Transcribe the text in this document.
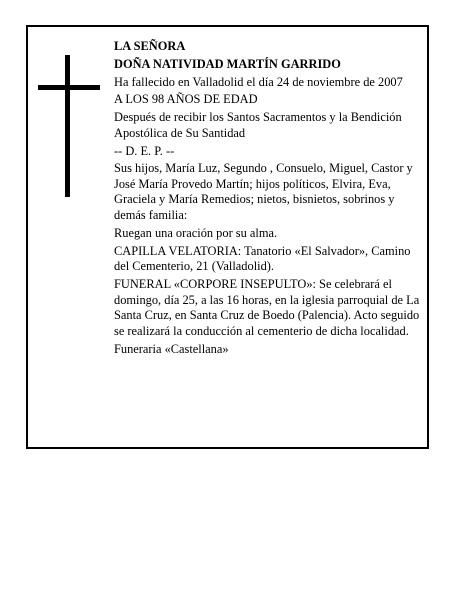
LA SEÑORA

DOÑA NATIVIDAD MARTÍN GARRIDO

Ha fallecido en Valladolid el día 24 de noviembre de 2007

A LOS 98 AÑOS DE EDAD

Después de recibir los Santos Sacramentos y la Bendición Apostólica de Su Santidad

-- D. E. P. --

Sus hijos, María Luz, Segundo , Consuelo, Miguel, Castor y José María Provedo Martín; hijos políticos, Elvira, Eva, Graciela y María Remedios; nietos, bisnietos, sobrinos y demás familia:

Ruegan una oración por su alma.

CAPILLA VELATORIA: Tanatorio «El Salvador», Camino del Cementerio, 21 (Valladolid).

FUNERAL «CORPORE INSEPULTO»: Se celebrará el domingo, día 25, a las 16 horas, en la iglesia parroquial de La Santa Cruz, en Santa Cruz de Boedo (Palencia). Acto seguido se realizará la conducción al cementerio de dicha localidad.

Funeraria «Castellana»
